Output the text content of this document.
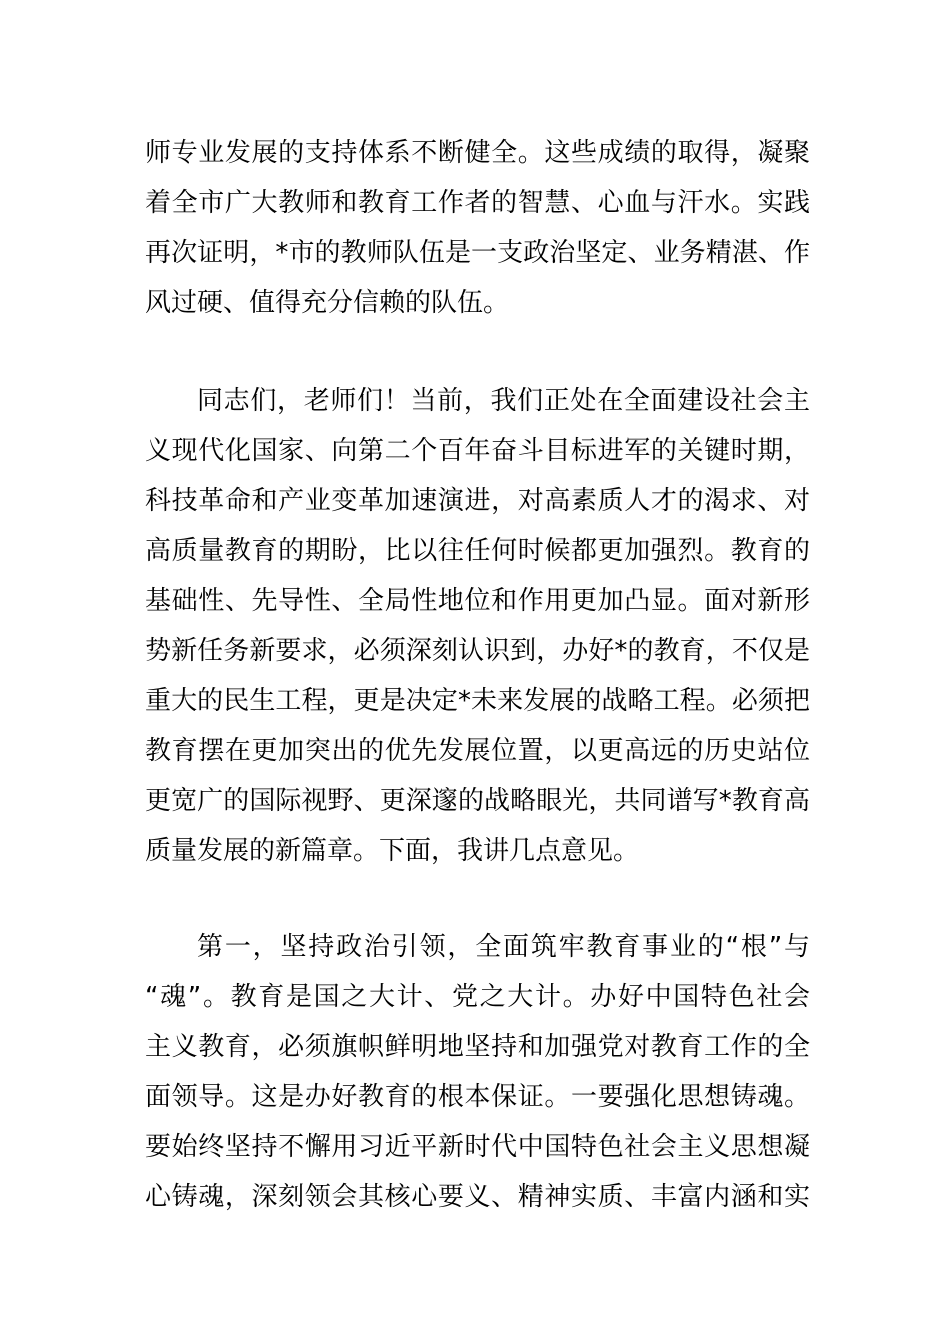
师专业发展的支持体系不断健全。这些成绩的取得，凝聚
着全市广大教师和教育工作者的智慧、心血与汗水。实践
再次证明，*市的教师队伍是一支政治坚定、业务精湛、作
风过硬、值得充分信赖的队伍。
同志们，老师们！当前，我们正处在全面建设社会主
义现代化国家、向第二个百年奋斗目标进军的关键时期，
科技革命和产业变革加速演进，对高素质人才的渴求、对
高质量教育的期盼，比以往任何时候都更加强烈。教育的
基础性、先导性、全局性地位和作用更加凸显。面对新形
势新任务新要求，必须深刻认识到，办好*的教育，不仅是
重大的民生工程，更是决定*未来发展的战略工程。必须把
教育摆在更加突出的优先发展位置，以更高远的历史站位
更宽广的国际视野、更深邃的战略眼光，共同谱写*教育高
质量发展的新篇章。下面，我讲几点意见。
第一，坚持政治引领，全面筑牢教育事业的“根”与
“魂”。教育是国之大计、党之大计。办好中国特色社会
主义教育，必须旗帜鲜明地坚持和加强党对教育工作的全
面领导。这是办好教育的根本保证。一要强化思想铸魂。
要始终坚持不懈用习近平新时代中国特色社会主义思想凝
心铸魂，深刻领会其核心要义、精神实质、丰富内涵和实
